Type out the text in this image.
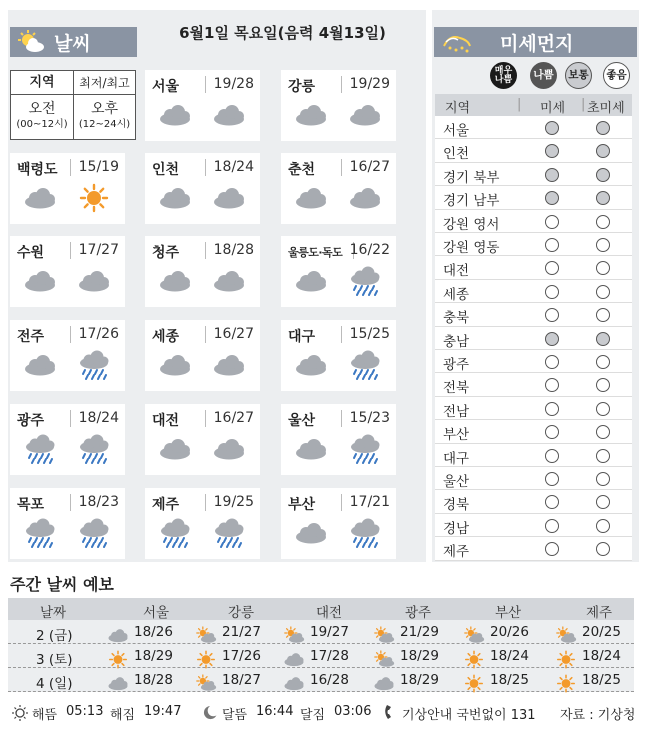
날씨	6월1일 목요일(음력 4월13일)	미세먼지
지역	최저/최고
오전
(00~12시)
오후
(12~24시)
서울 19/28 강릉 19/29
백령도 15/19 인천 18/24 춘천 16/27
수원 17/27 청주 18/28	울릉도·독도 16/22
전주 17/26 세종 16/27 대구 15/25
광주 18/24 대전 16/27 울산 15/23
목포 18/23 제주 19/25 부산 17/21
매우 나쁨	나쁨	보통	좋음
지역	| 미세 | 초미세
서울
인천
경기 북부
경기 남부
강원 영서
강원 영동
대전
세종
충북
충남
광주
전북
전남
부산
대구
울산
경북
경남
제주
주간 날씨 예보
날짜	서울	강릉	대전	광주	부산	제주
2 (금)	18/26	21/27	19/27	21/29	20/26	20/25
3 (토)	18/29	17/26	17/28	18/29	18/24	18/24
4 (일)	18/28	18/27	16/28	18/29	18/25	18/25
해뜸 05:13 해짐 19:47	달뜸 16:44 달짐 03:06 기상안내 국번없이 131 자료 : 기상청
